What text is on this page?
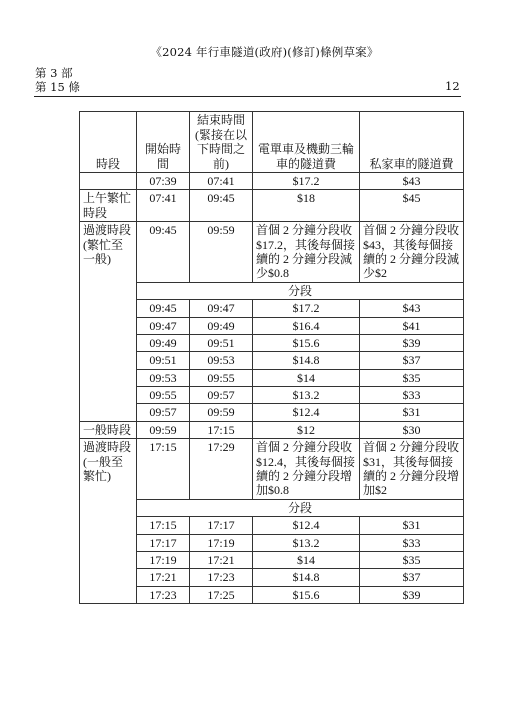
《2024 年行車隧道(政府)(修訂)條例草案》
第 3 部
第 15 條	12
時段	開始時間	結束時間(緊接在以下時間之前)	電單車及機動三輪車的隧道費	私家車的隧道費
	07:39	07:41	$17.2	$43
上午繁忙時段	07:41	09:45	$18	$45
過渡時段(繁忙至一般)	09:45	09:59	首個 2 分鐘分段收$17.2，其後每個接續的 2 分鐘分段減少$0.8	首個 2 分鐘分段收$43，其後每個接續的 2 分鐘分段減少$2
	分段			
	09:45	09:47	$17.2	$43
	09:47	09:49	$16.4	$41
	09:49	09:51	$15.6	$39
	09:51	09:53	$14.8	$37
	09:53	09:55	$14	$35
	09:55	09:57	$13.2	$33
	09:57	09:59	$12.4	$31
一般時段	09:59	17:15	$12	$30
過渡時段(一般至繁忙)	17:15	17:29	首個 2 分鐘分段收$12.4，其後每個接續的 2 分鐘分段增加$0.8	首個 2 分鐘分段收$31，其後每個接續的 2 分鐘分段增加$2
	分段			
	17:15	17:17	$12.4	$31
	17:17	17:19	$13.2	$33
	17:19	17:21	$14	$35
	17:21	17:23	$14.8	$37
	17:23	17:25	$15.6	$39
